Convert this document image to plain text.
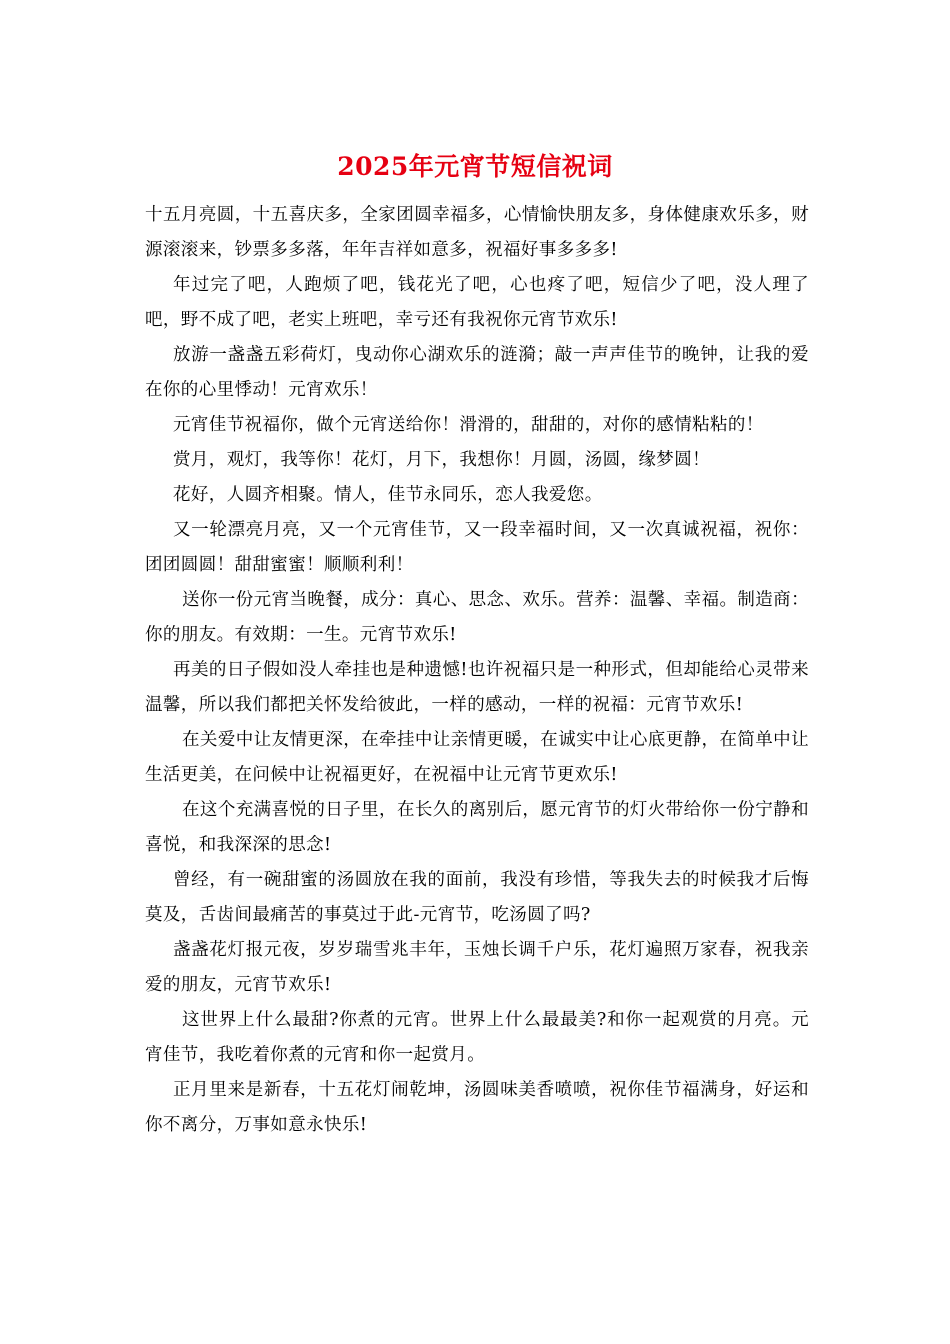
2025年元宵节短信祝词

十五月亮圆，十五喜庆多，全家团圆幸福多，心情愉快朋友多，身体健康欢乐多，财源滚滚来，钞票多多落，年年吉祥如意多，祝福好事多多多!

年过完了吧，人跑烦了吧，钱花光了吧，心也疼了吧，短信少了吧，没人理了吧，野不成了吧，老实上班吧，幸亏还有我祝你元宵节欢乐!

放游一盏盏五彩荷灯，曳动你心湖欢乐的涟漪；敲一声声佳节的晚钟，让我的爱在你的心里悸动！元宵欢乐！

元宵佳节祝福你，做个元宵送给你！滑滑的，甜甜的，对你的感情粘粘的！

赏月，观灯，我等你！花灯，月下，我想你！月圆，汤圆，缘梦圆！

花好，人圆齐相聚。情人，佳节永同乐，恋人我爱您。

又一轮漂亮月亮，又一个元宵佳节，又一段幸福时间，又一次真诚祝福，祝你：团团圆圆！甜甜蜜蜜！顺顺利利！

送你一份元宵当晚餐，成分：真心、思念、欢乐。营养：温馨、幸福。制造商：你的朋友。有效期：一生。元宵节欢乐!

再美的日子假如没人牵挂也是种遗憾!也许祝福只是一种形式，但却能给心灵带来温馨，所以我们都把关怀发给彼此，一样的感动，一样的祝福：元宵节欢乐!

在关爱中让友情更深，在牵挂中让亲情更暖，在诚实中让心底更静，在简单中让生活更美，在问候中让祝福更好，在祝福中让元宵节更欢乐!

在这个充满喜悦的日子里，在长久的离别后，愿元宵节的灯火带给你一份宁静和喜悦，和我深深的思念!

曾经，有一碗甜蜜的汤圆放在我的面前，我没有珍惜，等我失去的时候我才后悔莫及，舌齿间最痛苦的事莫过于此-元宵节，吃汤圆了吗?

盏盏花灯报元夜，岁岁瑞雪兆丰年，玉烛长调千户乐，花灯遍照万家春，祝我亲爱的朋友，元宵节欢乐!

这世界上什么最甜?你煮的元宵。世界上什么最最美?和你一起观赏的月亮。元宵佳节，我吃着你煮的元宵和你一起赏月。

正月里来是新春，十五花灯闹乾坤，汤圆味美香喷喷，祝你佳节福满身，好运和你不离分，万事如意永快乐!
